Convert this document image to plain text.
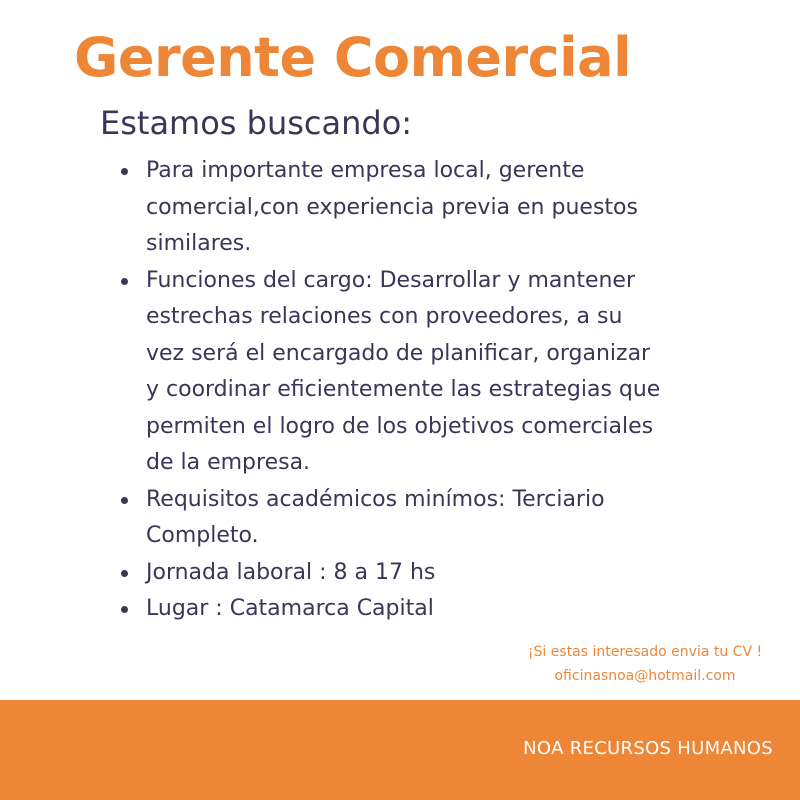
Gerente Comercial
Estamos buscando:
Para importante empresa local, gerente comercial,con experiencia previa en puestos similares.
Funciones del cargo: Desarrollar y mantener estrechas relaciones con proveedores, a su vez será el encargado de planificar, organizar y coordinar eficientemente las estrategias que permiten el logro de los objetivos comerciales de la empresa.
Requisitos académicos minímos: Terciario Completo.
Jornada laboral : 8 a 17 hs
Lugar : Catamarca Capital
¡Si estas interesado envia tu CV !
oficinasnoa@hotmail.com
NOA RECURSOS HUMANOS
